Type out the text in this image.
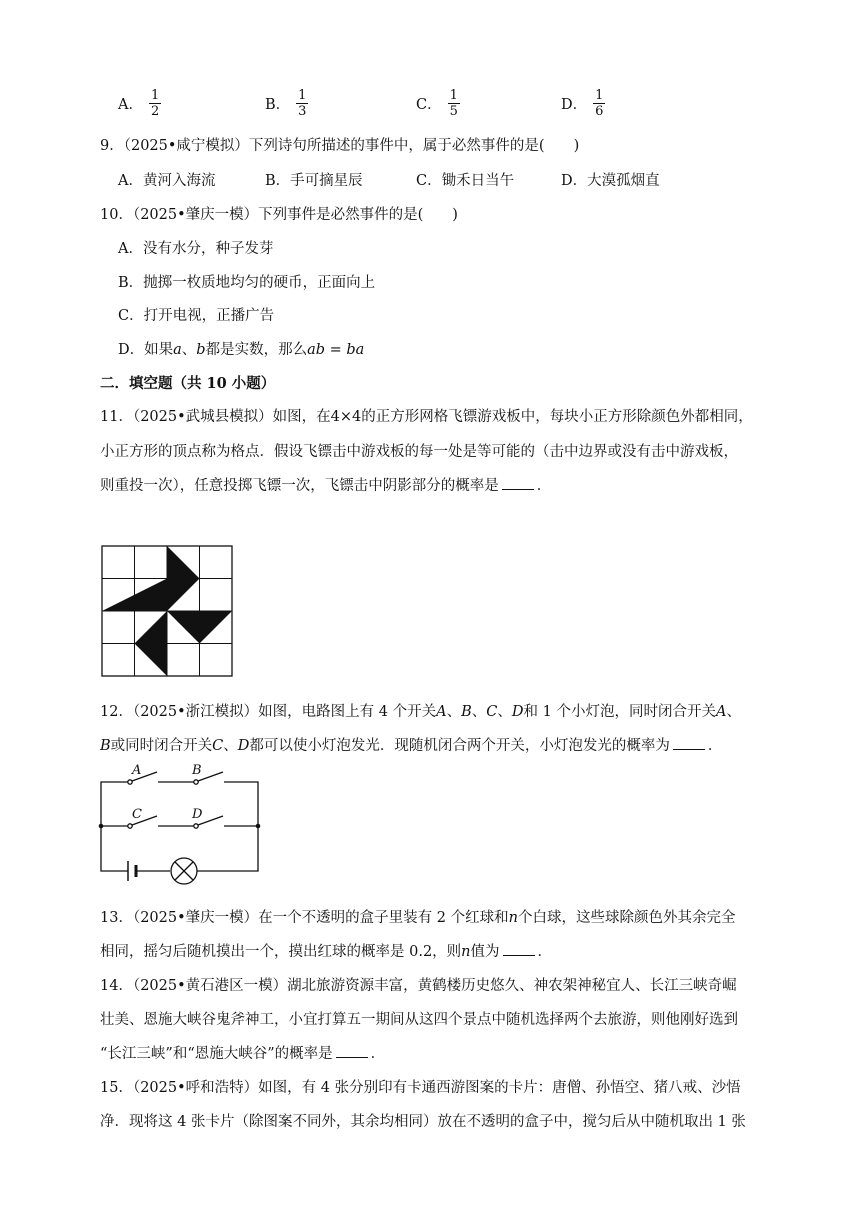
A． $\frac{1}{2}$	B． $\frac{1}{3}$	C． $\frac{1}{5}$	D． $\frac{1}{6}$
9．（2025•咸宁模拟）下列诗句所描述的事件中，属于必然事件的是(　　)
A．黄河入海流	B．手可摘星辰	C．锄禾日当午	D．大漠孤烟直
10．（2025•肇庆一模）下列事件是必然事件的是(　　)
A．没有水分，种子发芽
B．抛掷一枚质地均匀的硬币，正面向上
C．打开电视，正播广告
D．如果a、b都是实数，那么ab = ba
二．填空题（共 10 小题）
11．（2025•武城县模拟）如图，在4×4的正方形网格飞镖游戏板中，每块小正方形除颜色外都相同，
小正方形的顶点称为格点．假设飞镖击中游戏板的每一处是等可能的（击中边界或没有击中游戏板，
则重投一次），任意投掷飞镖一次，飞镖击中阴影部分的概率是	．
12．（2025•浙江模拟）如图，电路图上有 4 个开关A、B、C、D和 1 个小灯泡，同时闭合开关A、
B或同时闭合开关C、D都可以使小灯泡发光．现随机闭合两个开关，小灯泡发光的概率为	．
A	B
C	D
13．（2025•肇庆一模）在一个不透明的盒子里装有 2 个红球和n个白球，这些球除颜色外其余完全
相同，摇匀后随机摸出一个，摸出红球的概率是 0.2，则n值为	．
14．（2025•黄石港区一模）湖北旅游资源丰富，黄鹤楼历史悠久、神农架神秘宜人、长江三峡奇崛
壮美、恩施大峡谷鬼斧神工，小宜打算五一期间从这四个景点中随机选择两个去旅游，则他刚好选到
“长江三峡”和“恩施大峡谷”的概率是	．
15．（2025•呼和浩特）如图，有 4 张分别印有卡通西游图案的卡片：唐僧、孙悟空、猪八戒、沙悟
净．现将这 4 张卡片（除图案不同外，其余均相同）放在不透明的盒子中，搅匀后从中随机取出 1 张
